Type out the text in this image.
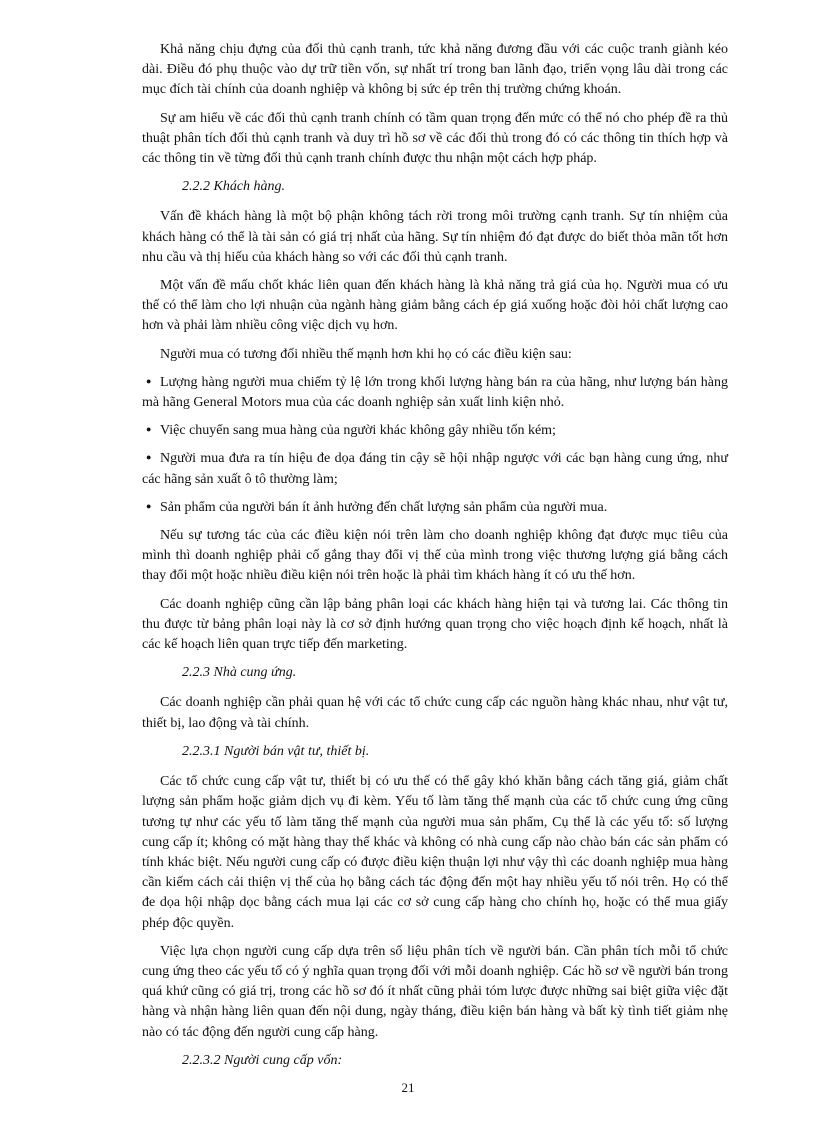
Khả năng chịu đựng của đối thủ cạnh tranh, tức khả năng đương đầu với các cuộc tranh giành kéo dài. Điều đó phụ thuộc vào dự trữ tiền vốn, sự nhất trí trong ban lãnh đạo, triển vọng lâu dài trong các mục đích tài chính của doanh nghiệp và không bị sức ép trên thị trường chứng khoán.

Sự am hiểu về các đối thủ cạnh tranh chính có tầm quan trọng đến mức có thể nó cho phép đề ra thủ thuật phân tích đối thủ cạnh tranh và duy trì hồ sơ về các đối thủ trong đó có các thông tin thích hợp và các thông tin về từng đối thủ cạnh tranh chính được thu nhận một cách hợp pháp.

2.2.2 Khách hàng.

Vấn đề khách hàng là một bộ phận không tách rời trong môi trường cạnh tranh. Sự tín nhiệm của khách hàng có thể là tài sản có giá trị nhất của hãng. Sự tín nhiệm đó đạt được do biết thỏa mãn tốt hơn nhu cầu và thị hiếu của khách hàng so với các đối thủ cạnh tranh.

Một vấn đề mấu chốt khác liên quan đến khách hàng là khả năng trả giá của họ. Người mua có ưu thế có thể làm cho lợi nhuận của ngành hàng giảm bằng cách ép giá xuống hoặc đòi hỏi chất lượng cao hơn và phải làm nhiều công việc dịch vụ hơn.

Người mua có tương đối nhiều thế mạnh hơn khi họ có các điều kiện sau:

●Lượng hàng người mua chiếm tỷ lệ lớn trong khối lượng hàng bán ra của hãng, như lượng bán hàng mà hãng General Motors mua của các doanh nghiệp sản xuất linh kiện nhỏ.

●Việc chuyển sang mua hàng của người khác không gây nhiều tốn kém;

●Người mua đưa ra tín hiệu đe dọa đáng tin cậy sẽ hội nhập ngược với các bạn hàng cung ứng, như các hãng sản xuất ô tô thường làm;

●Sản phẩm của người bán ít ảnh hưởng đến chất lượng sản phẩm của người mua.

Nếu sự tương tác của các điều kiện nói trên làm cho doanh nghiệp không đạt được mục tiêu của mình thì doanh nghiệp phải cố gắng thay đổi vị thế của mình trong việc thương lượng giá bằng cách thay đổi một hoặc nhiều điều kiện nói trên hoặc là phải tìm khách hàng ít có ưu thế hơn.

Các doanh nghiệp cũng cần lập bảng phân loại các khách hàng hiện tại và tương lai. Các thông tin thu được từ bảng phân loại này là cơ sở định hướng quan trọng cho việc hoạch định kế hoạch, nhất là các kế hoạch liên quan trực tiếp đến marketing.

2.2.3 Nhà cung ứng.

Các doanh nghiệp cần phải quan hệ với các tổ chức cung cấp các nguồn hàng khác nhau, như vật tư, thiết bị, lao động và tài chính.

2.2.3.1 Người bán vật tư, thiết bị.

Các tổ chức cung cấp vật tư, thiết bị có ưu thế có thể gây khó khăn bằng cách tăng giá, giảm chất lượng sản phẩm hoặc giảm dịch vụ đi kèm. Yếu tố làm tăng thế mạnh của các tổ chức cung ứng cũng tương tự như các yếu tố làm tăng thế mạnh của người mua sản phẩm, Cụ thể là các yếu tố: số lượng cung cấp ít; không có mặt hàng thay thế khác và không có nhà cung cấp nào chào bán các sản phẩm có tính khác biệt. Nếu người cung cấp có được điều kiện thuận lợi như vậy thì các doanh nghiệp mua hàng cần kiếm cách cải thiện vị thế của họ bằng cách tác động đến một hay nhiều yếu tố nói trên. Họ có thể đe dọa hội nhập dọc bằng cách mua lại các cơ sở cung cấp hàng cho chính họ, hoặc có thể mua giấy phép độc quyền.

Việc lựa chọn người cung cấp dựa trên số liệu phân tích về người bán. Cần phân tích mỗi tổ chức cung ứng theo các yếu tố có ý nghĩa quan trọng đối với mỗi doanh nghiệp. Các hồ sơ về người bán trong quá khứ cũng có giá trị, trong các hồ sơ đó ít nhất cũng phải tóm lược được những sai biệt giữa việc đặt hàng và nhận hàng liên quan đến nội dung, ngày tháng, điều kiện bán hàng và bất kỳ tình tiết giảm nhẹ nào có tác động đến người cung cấp hàng.

2.2.3.2 Người cung cấp vốn:

21
